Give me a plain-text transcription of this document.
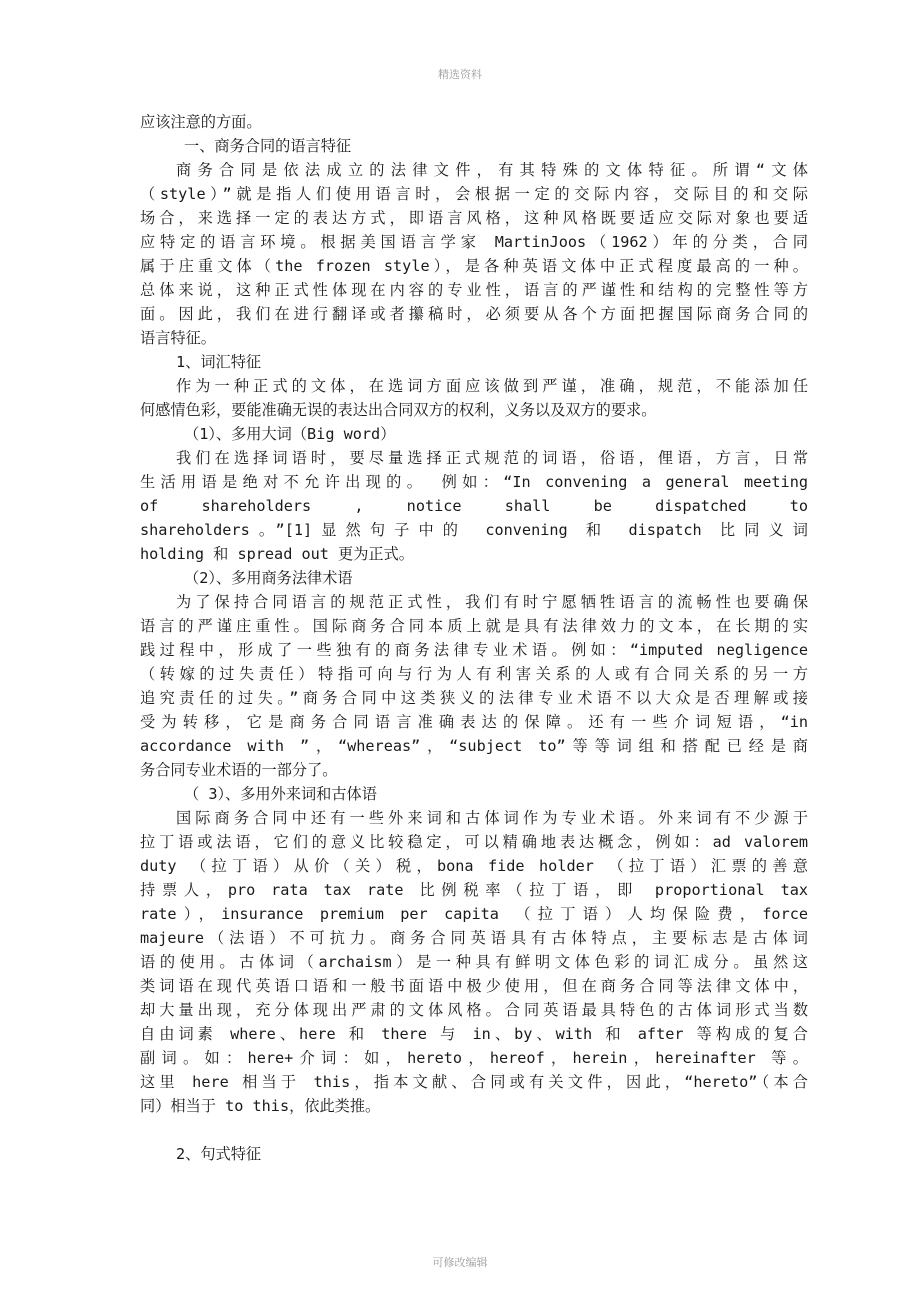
精选资料
应该注意的方面。
一、商务合同的语言特征
商务合同是依法成立的法律文件，有其特殊的文体特征。所谓“文体
（style）”就是指人们使用语言时，会根据一定的交际内容，交际目的和交际
场合，来选择一定的表达方式，即语言风格，这种风格既要适应交际对象也要适
应特定的语言环境。根据美国语言学家 MartinJoos（1962）年的分类，合同
属于庄重文体（the frozen style），是各种英语文体中正式程度最高的一种。
总体来说，这种正式性体现在内容的专业性，语言的严谨性和结构的完整性等方
面。因此，我们在进行翻译或者攥稿时，必须要从各个方面把握国际商务合同的
语言特征。
1、词汇特征
作为一种正式的文体，在选词方面应该做到严谨，准确，规范，不能添加任
何感情色彩，要能准确无误的表达出合同双方的权利，义务以及双方的要求。
（1）、多用大词（Big word）
我们在选择词语时，要尽量选择正式规范的词语，俗语，俚语，方言，日常
生活用语是绝对不允许出现的。 例如：“In convening a general meeting
of shareholders , notice shall be dispatched to
shareholders。”[1]显然句子中的 convening 和 dispatch 比同义词
holding 和 spread out 更为正式。
（2）、多用商务法律术语
为了保持合同语言的规范正式性，我们有时宁愿牺牲语言的流畅性也要确保
语言的严谨庄重性。国际商务合同本质上就是具有法律效力的文本，在长期的实
践过程中，形成了一些独有的商务法律专业术语。例如：“imputed negligence
（转嫁的过失责任）特指可向与行为人有利害关系的人或有合同关系的另一方
追究责任的过失。”商务合同中这类狭义的法律专业术语不以大众是否理解或接
受为转移，它是商务合同语言准确表达的保障。还有一些介词短语，“in
accordance with ”，“whereas”，“subject to”等等词组和搭配已经是商
务合同专业术语的一部分了。
（ 3）、多用外来词和古体语
国际商务合同中还有一些外来词和古体词作为专业术语。外来词有不少源于
拉丁语或法语，它们的意义比较稳定，可以精确地表达概念，例如：ad valorem
duty （拉丁语）从价（关）税，bona fide holder （拉丁语）汇票的善意
持票人，pro rata tax rate 比例税率（拉丁语，即 proportional tax
rate），insurance premium per capita （拉丁语）人均保险费，force
majeure（法语）不可抗力。商务合同英语具有古体特点，主要标志是古体词
语的使用。古体词（archaism）是一种具有鲜明文体色彩的词汇成分。虽然这
类词语在现代英语口语和一般书面语中极少使用，但在商务合同等法律文体中，
却大量出现，充分体现出严肃的文体风格。合同英语最具特色的古体词形式当数
自由词素 where、here 和 there 与 in、by、with 和 after 等构成的复合
副词。如：here+介词：如，hereto，hereof，herein，hereinafter 等。
这里 here 相当于 this，指本文献、合同或有关文件，因此，“hereto”（本合
同）相当于 to this，依此类推。
2、句式特征
可修改编辑
